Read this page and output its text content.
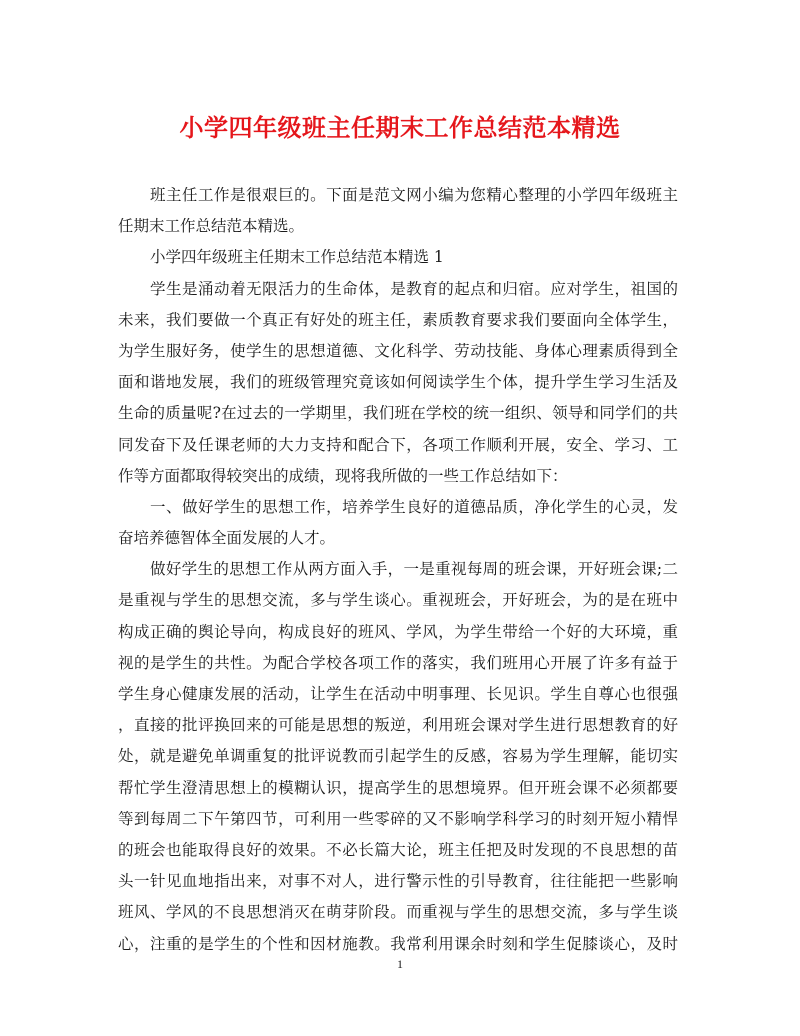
小学四年级班主任期末工作总结范本精选
班主任工作是很艰巨的。下面是范文网小编为您精心整理的小学四年级班主
任期末工作总结范本精选。
小学四年级班主任期末工作总结范本精选 1
学生是涌动着无限活力的生命体，是教育的起点和归宿。应对学生，祖国的
未来，我们要做一个真正有好处的班主任，素质教育要求我们要面向全体学生，
为学生服好务，使学生的思想道德、文化科学、劳动技能、身体心理素质得到全
面和谐地发展，我们的班级管理究竟该如何阅读学生个体，提升学生学习生活及
生命的质量呢?在过去的一学期里，我们班在学校的统一组织、领导和同学们的共
同发奋下及任课老师的大力支持和配合下，各项工作顺利开展，安全、学习、工
作等方面都取得较突出的成绩，现将我所做的一些工作总结如下：
一、做好学生的思想工作，培养学生良好的道德品质，净化学生的心灵，发
奋培养德智体全面发展的人才。
做好学生的思想工作从两方面入手，一是重视每周的班会课，开好班会课;二
是重视与学生的思想交流，多与学生谈心。重视班会，开好班会，为的是在班中
构成正确的舆论导向，构成良好的班风、学风，为学生带给一个好的大环境，重
视的是学生的共性。为配合学校各项工作的落实，我们班用心开展了许多有益于
学生身心健康发展的活动，让学生在活动中明事理、长见识。学生自尊心也很强
，直接的批评换回来的可能是思想的叛逆，利用班会课对学生进行思想教育的好
处，就是避免单调重复的批评说教而引起学生的反感，容易为学生理解，能切实
帮忙学生澄清思想上的模糊认识，提高学生的思想境界。但开班会课不必须都要
等到每周二下午第四节，可利用一些零碎的又不影响学科学习的时刻开短小精悍
的班会也能取得良好的效果。不必长篇大论，班主任把及时发现的不良思想的苗
头一针见血地指出来，对事不对人，进行警示性的引导教育，往往能把一些影响
班风、学风的不良思想消灭在萌芽阶段。而重视与学生的思想交流，多与学生谈
心，注重的是学生的个性和因材施教。我常利用课余时刻和学生促膝谈心，及时
1
